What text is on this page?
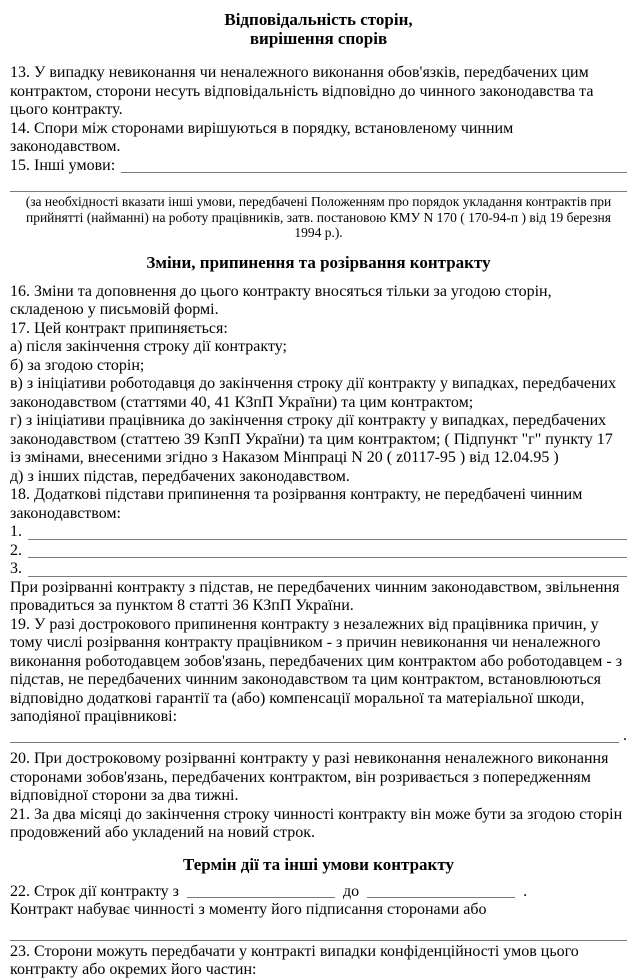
Відповідальність сторін,
вирішення спорів

13. У випадку невиконання чи неналежного виконання обов'язків, передбачених цим контрактом, сторони несуть відповідальність відповідно до чинного законодавства та цього контракту.

14. Спори між сторонами вирішуються в порядку, встановленому чинним законодавством.

15. Інші умови:
(за необхідності вказати інші умови, передбачені Положенням про порядок укладання контрактів при прийнятті (найманні) на роботу працівників, затв. постановою КМУ N 170 ( 170-94-п ) від 19 березня 1994 р.).
Зміни, припинення та розірвання контракту

16. Зміни та доповнення до цього контракту вносяться тільки за угодою сторін, складеною у письмовій формі.

17. Цей контракт припиняється:

а) після закінчення строку дії контракту;

б) за згодою сторін;

в) з ініціативи роботодавця до закінчення строку дії контракту у випадках, передбачених законодавством (статтями 40, 41 КЗпП України) та цим контрактом;

г) з ініціативи працівника до закінчення строку дії контракту у випадках, передбачених законодавством (статтею 39 КзпП України) та цим контрактом; ( Підпункт "г" пункту 17 із змінами, внесеними згідно з Наказом Мінпраці N 20 ( z0117-95 ) від 12.04.95 )

д) з інших підстав, передбачених законодавством.

18. Додаткові підстави припинення та розірвання контракту, не передбачені чинним законодавством:

1.
2.
3.

При розірванні контракту з підстав, не передбачених чинним законодавством, звільнення провадиться за пунктом 8 статті 36 КЗпП України.

19. У разі дострокового припинення контракту з незалежних від працівника причин, у тому числі розірвання контракту працівником - з причин невиконання чи неналежного виконання роботодавцем зобов'язань, передбачених цим контрактом або роботодавцем - з підстав, не передбачених чинним законодавством та цим контрактом, встановлюються відповідно додаткові гарантії та (або) компенсації моральної та матеріальної шкоди, заподіяної працівникові:

.

20. При достроковому розірванні контракту у разі невиконання неналежного виконання сторонами зобов'язань, передбачених контрактом, він розривається з попередженням відповідної сторони за два тижні.

21. За два місяці до закінчення строку чинності контракту він може бути за згодою сторін продовжений або укладений на новий строк.

Термін дії та інші умови контракту

22. Строк дії контракту з	до	.

Контракт набуває чинності з моменту його підписання сторонами або

23. Сторони можуть передбачати у контракті випадки конфіденційності умов цього контракту або окремих його частин:
